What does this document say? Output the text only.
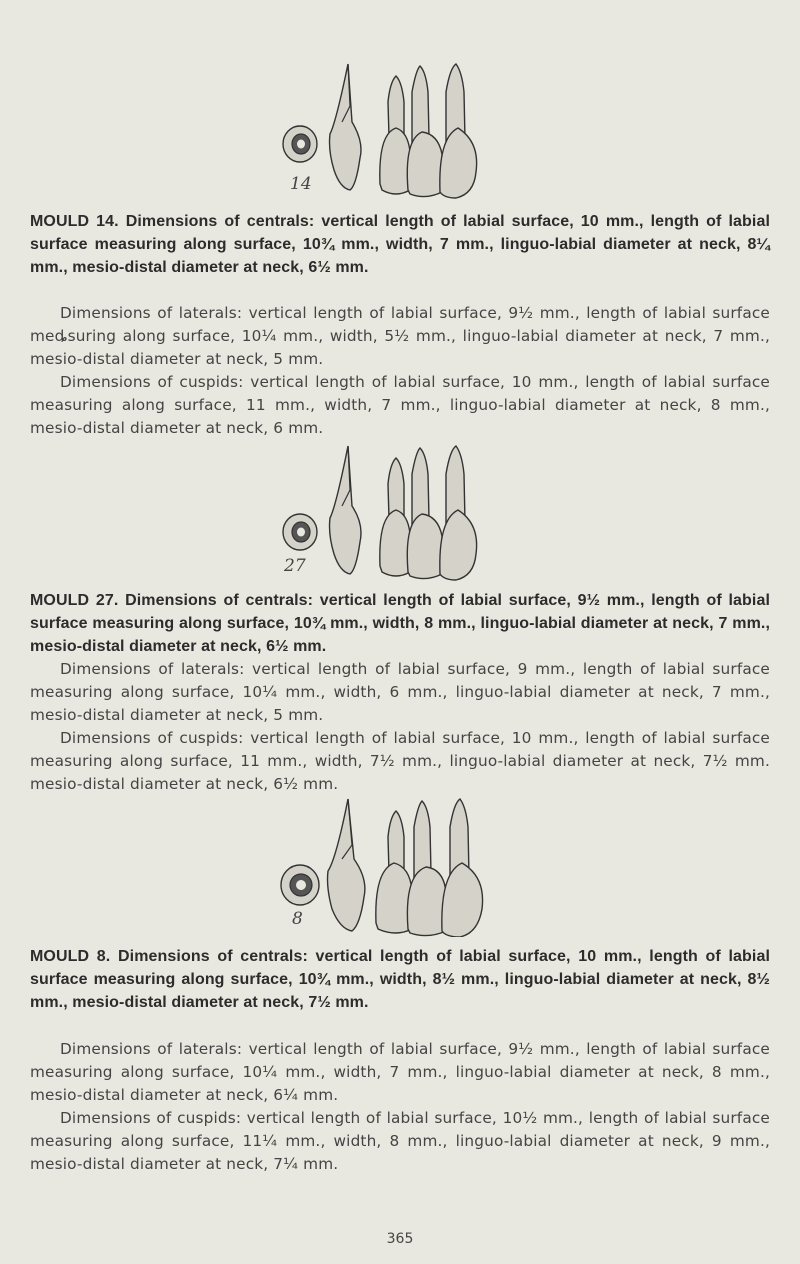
14

MOULD 14. Dimensions of centrals: vertical length of labial surface, 10 mm., length of labial surface measuring along surface, 10¾ mm., width, 7 mm., linguo-labial diameter at neck, 8¼ mm., mesio-distal diameter at neck, 6½ mm.

Dimensions of laterals: vertical length of labial surface, 9½ mm., length of labial surface meȡsuring along surface, 10¼ mm., width, 5½ mm., linguo-labial diameter at neck, 7 mm., mesio-distal diameter at neck, 5 mm.

Dimensions of cuspids: vertical length of labial surface, 10 mm., length of labial surface measuring along surface, 11 mm., width, 7 mm., linguo-labial diameter at neck, 8 mm., mesio-distal diameter at neck, 6 mm.

27

MOULD 27. Dimensions of centrals: vertical length of labial surface, 9½ mm., length of labial surface measuring along surface, 10¾ mm., width, 8 mm., linguo-labial diameter at neck, 7 mm., mesio-distal diameter at neck, 6½ mm.

Dimensions of laterals: vertical length of labial surface, 9 mm., length of labial surface measuring along surface, 10¼ mm., width, 6 mm., linguo-labial diameter at neck, 7 mm., mesio-distal diameter at neck, 5 mm.

Dimensions of cuspids: vertical length of labial surface, 10 mm., length of labial surface measuring along surface, 11 mm., width, 7½ mm., linguo-labial diameter at neck, 7½ mm. mesio-distal diameter at neck, 6½ mm.

8

MOULD 8. Dimensions of centrals: vertical length of labial surface, 10 mm., length of labial surface measuring along surface, 10¾ mm., width, 8½ mm., linguo-labial diameter at neck, 8½ mm., mesio-distal diameter at neck, 7½ mm.

Dimensions of laterals: vertical length of labial surface, 9½ mm., length of labial surface measuring along surface, 10¼ mm., width, 7 mm., linguo-labial diameter at neck, 8 mm., mesio-distal diameter at neck, 6¼ mm.

Dimensions of cuspids: vertical length of labial surface, 10½ mm., length of labial surface measuring along surface, 11¼ mm., width, 8 mm., linguo-labial diameter at neck, 9 mm., mesio-distal diameter at neck, 7¼ mm.

365
